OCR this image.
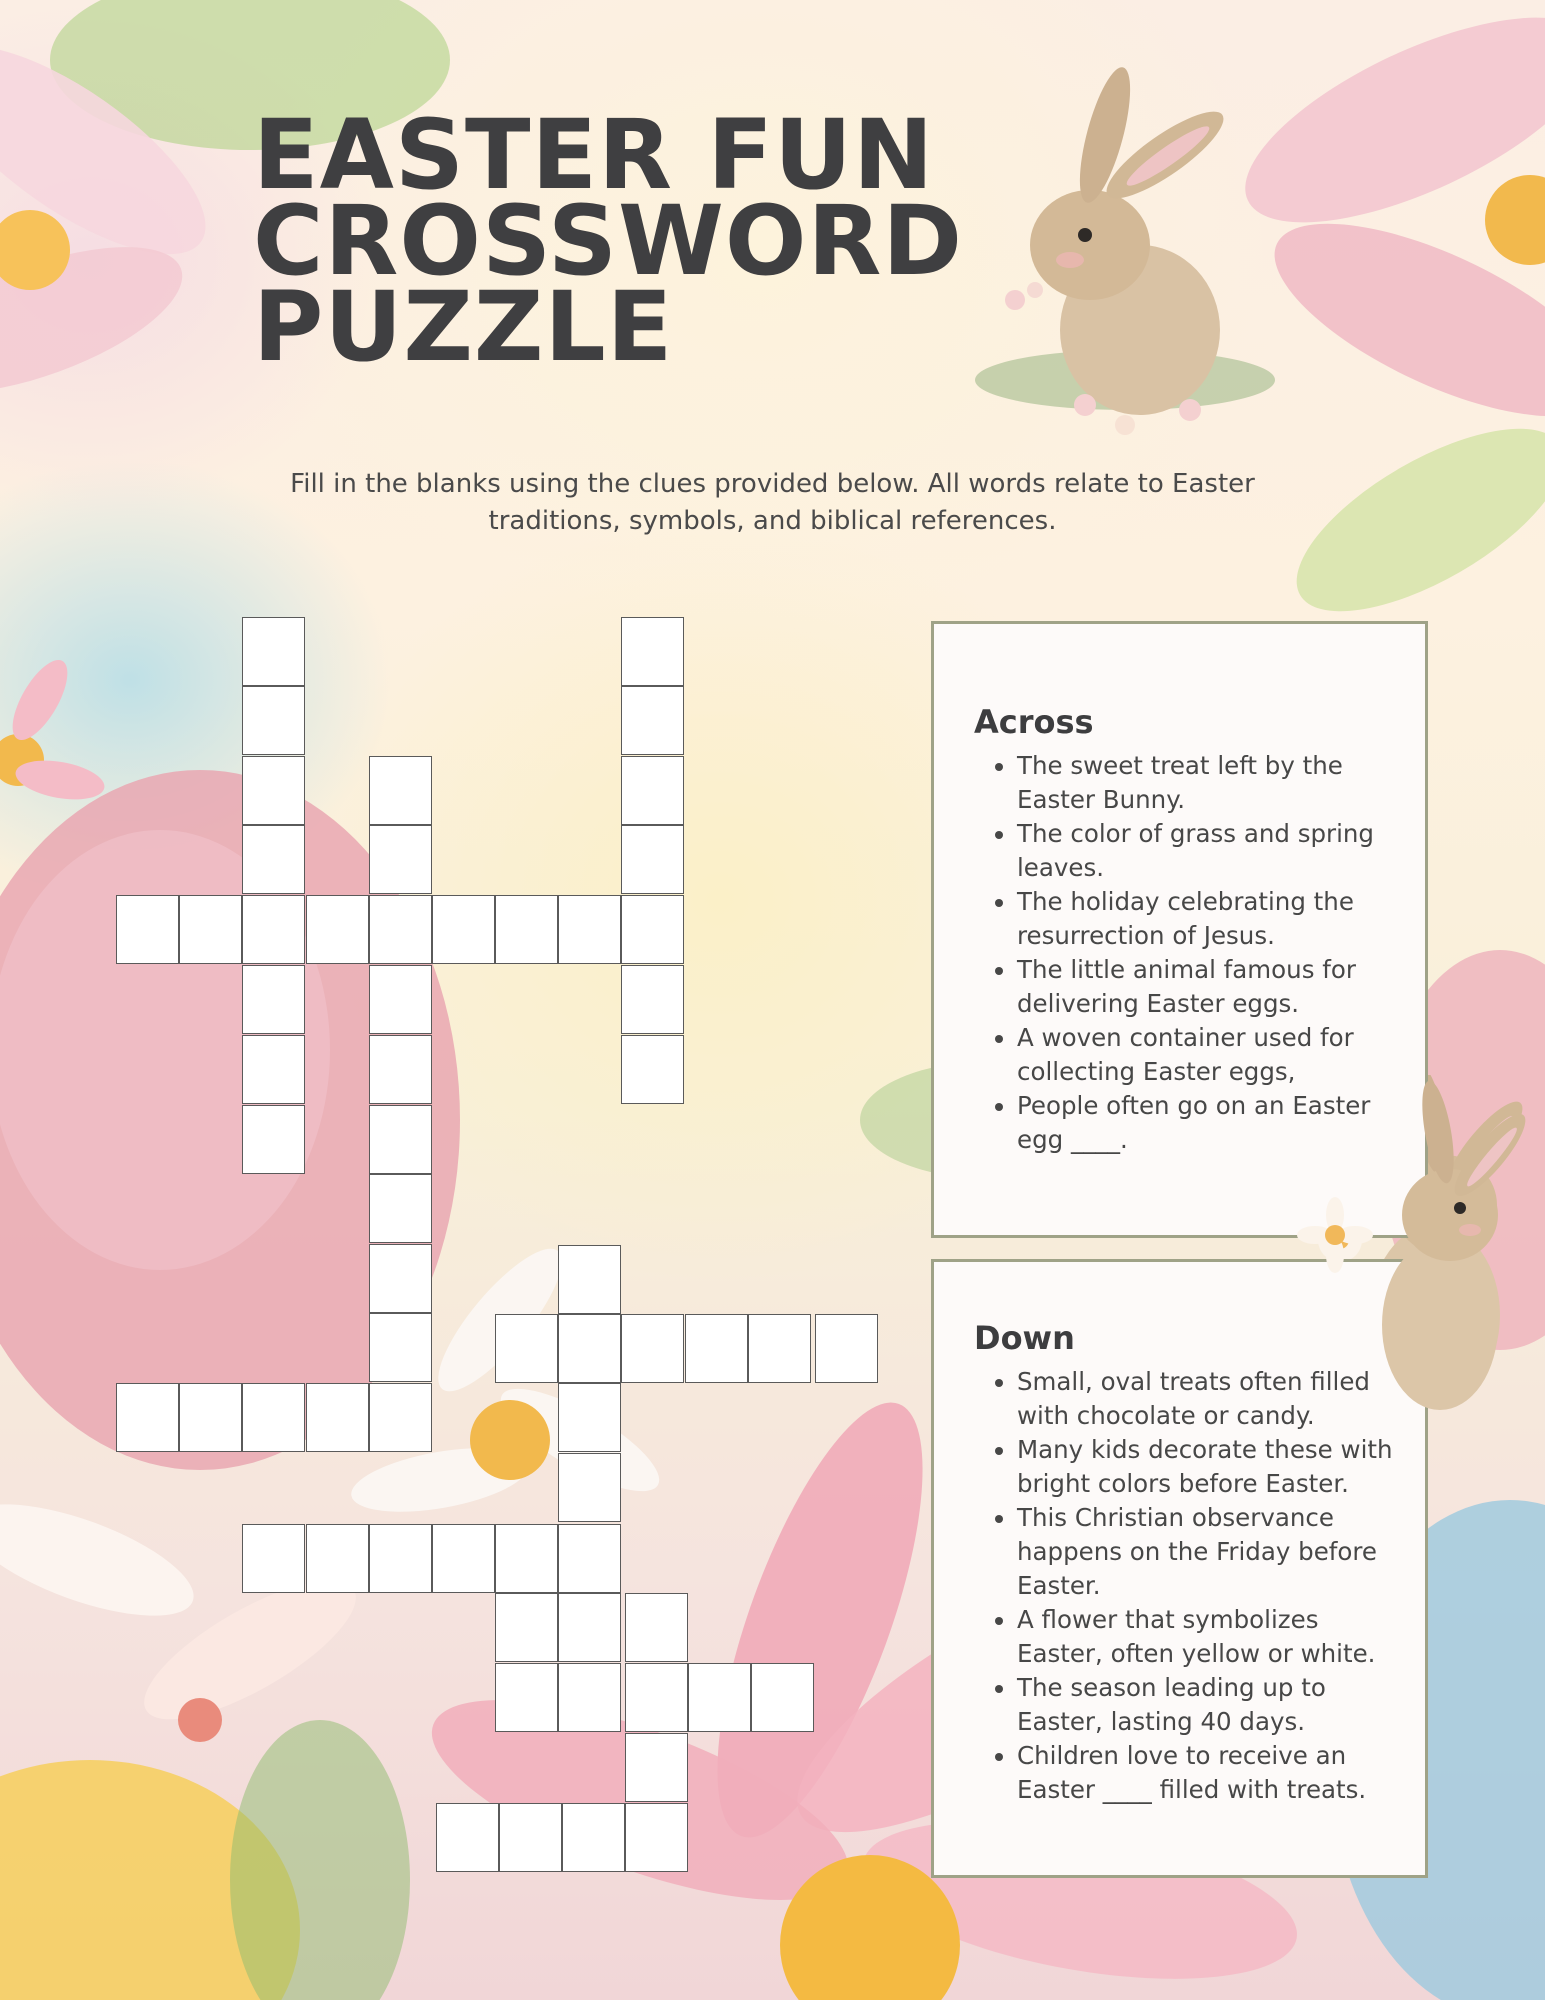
EASTER FUN
CROSSWORD
PUZZLE

Fill in the blanks using the clues provided below. All words relate to Easter traditions, symbols, and biblical references.

Across
• The sweet treat left by the Easter Bunny.
• The color of grass and spring leaves.
• The holiday celebrating the resurrection of Jesus.
• The little animal famous for delivering Easter eggs.
• A woven container used for collecting Easter eggs,
• People often go on an Easter egg ____.
Down
• Small, oval treats often filled with chocolate or candy.
• Many kids decorate these with bright colors before Easter.
• This Christian observance happens on the Friday before Easter.
• A flower that symbolizes Easter, often yellow or white.
• The season leading up to Easter, lasting 40 days.
• Children love to receive an Easter ____ filled with treats.
